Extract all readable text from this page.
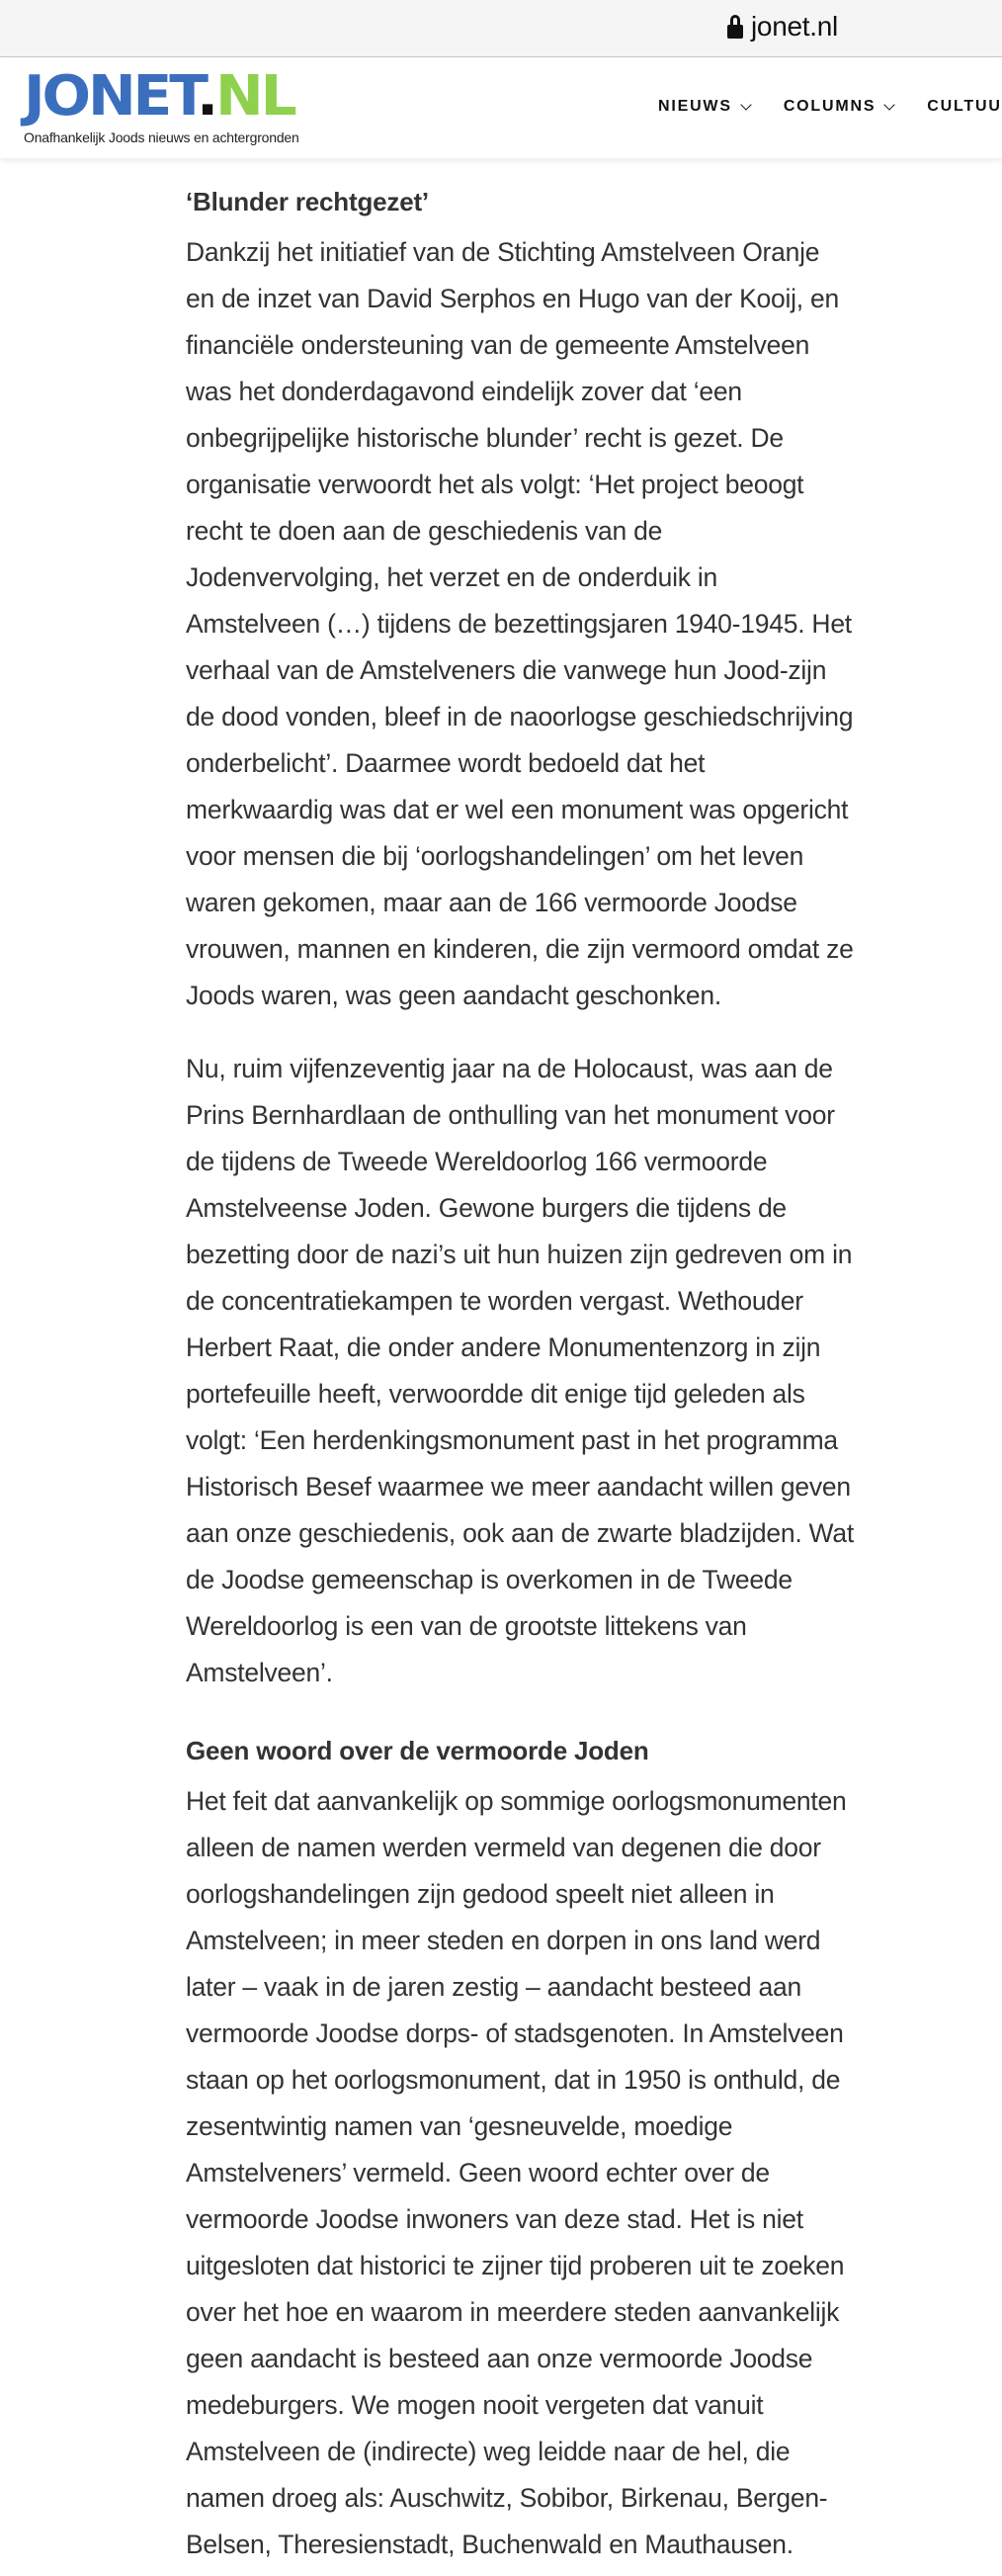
jonet.nl
JONET.NL
Onafhankelijk Joods nieuws en achtergronden
NIEUWS	COLUMNS	CULTUU
‘Blunder rechtgezet’

Dankzij het initiatief van de Stichting Amstelveen Oranje
en de inzet van David Serphos en Hugo van der Kooij, en
financiële ondersteuning van de gemeente Amstelveen
was het donderdagavond eindelijk zover dat ‘een
onbegrijpelijke historische blunder’ recht is gezet. De
organisatie verwoordt het als volgt: ‘Het project beoogt
recht te doen aan de geschiedenis van de
Jodenvervolging, het verzet en de onderduik in
Amstelveen (…) tijdens de bezettingsjaren 1940-1945. Het
verhaal van de Amstelveners die vanwege hun Jood-zijn
de dood vonden, bleef in de naoorlogse geschiedschrijving
onderbelicht’. Daarmee wordt bedoeld dat het
merkwaardig was dat er wel een monument was opgericht
voor mensen die bij ‘oorlogshandelingen’ om het leven
waren gekomen, maar aan de 166 vermoorde Joodse
vrouwen, mannen en kinderen, die zijn vermoord omdat ze
Joods waren, was geen aandacht geschonken.

Nu, ruim vijfenzeventig jaar na de Holocaust, was aan de
Prins Bernhardlaan de onthulling van het monument voor
de tijdens de Tweede Wereldoorlog 166 vermoorde
Amstelveense Joden. Gewone burgers die tijdens de
bezetting door de nazi’s uit hun huizen zijn gedreven om in
de concentratiekampen te worden vergast. Wethouder
Herbert Raat, die onder andere Monumentenzorg in zijn
portefeuille heeft, verwoordde dit enige tijd geleden als
volgt: ‘Een herdenkingsmonument past in het programma
Historisch Besef waarmee we meer aandacht willen geven
aan onze geschiedenis, ook aan de zwarte bladzijden. Wat
de Joodse gemeenschap is overkomen in de Tweede
Wereldoorlog is een van de grootste littekens van
Amstelveen’.

Geen woord over de vermoorde Joden

Het feit dat aanvankelijk op sommige oorlogsmonumenten
alleen de namen werden vermeld van degenen die door
oorlogshandelingen zijn gedood speelt niet alleen in
Amstelveen; in meer steden en dorpen in ons land werd
later – vaak in de jaren zestig – aandacht besteed aan
vermoorde Joodse dorps- of stadsgenoten. In Amstelveen
staan op het oorlogsmonument, dat in 1950 is onthuld, de
zesentwintig namen van ‘gesneuvelde, moedige
Amstelveners’ vermeld. Geen woord echter over de
vermoorde Joodse inwoners van deze stad. Het is niet
uitgesloten dat historici te zijner tijd proberen uit te zoeken
over het hoe en waarom in meerdere steden aanvankelijk
geen aandacht is besteed aan onze vermoorde Joodse
medeburgers. We mogen nooit vergeten dat vanuit
Amstelveen de (indirecte) weg leidde naar de hel, die
namen droeg als: Auschwitz, Sobibor, Birkenau, Bergen-
Belsen, Theresienstadt, Buchenwald en Mauthausen.
